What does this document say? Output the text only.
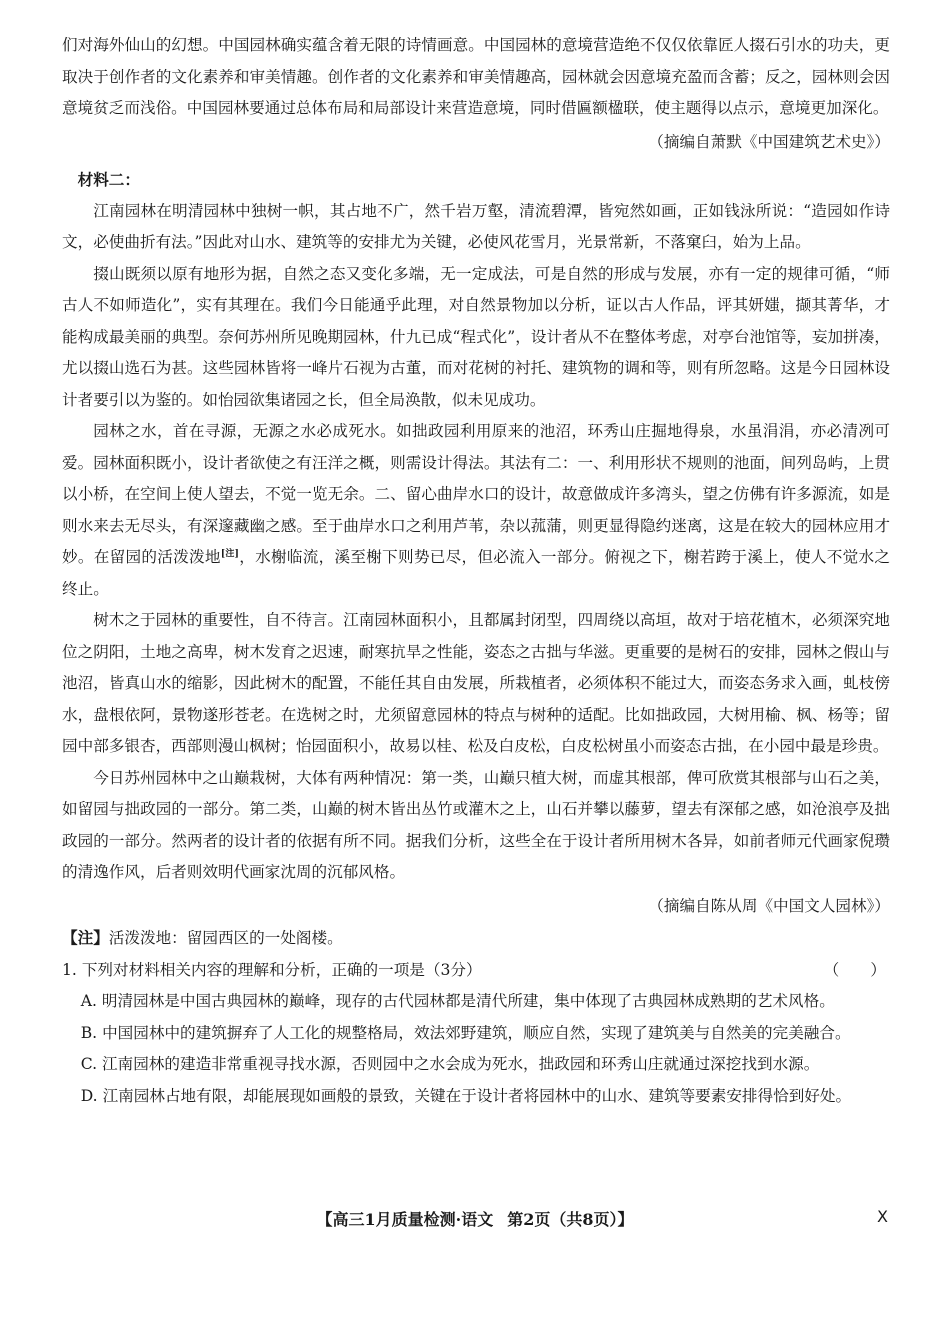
们对海外仙山的幻想。中国园林确实蕴含着无限的诗情画意。中国园林的意境营造绝不仅仅依靠匠人掇石引水的功夫，更取决于创作者的文化素养和审美情趣。创作者的文化素养和审美情趣高，园林就会因意境充盈而含蓄；反之，园林则会因意境贫乏而浅俗。中国园林要通过总体布局和局部设计来营造意境，同时借匾额楹联，使主题得以点示，意境更加深化。

（摘编自萧默《中国建筑艺术史》）
材料二：

江南园林在明清园林中独树一帜，其占地不广，然千岩万壑，清流碧潭，皆宛然如画，正如钱泳所说：“造园如作诗文，必使曲折有法。”因此对山水、建筑等的安排尤为关键，必使风花雪月，光景常新，不落窠臼，始为上品。

掇山既须以原有地形为据，自然之态又变化多端，无一定成法，可是自然的形成与发展，亦有一定的规律可循，“师古人不如师造化”，实有其理在。我们今日能通乎此理，对自然景物加以分析，证以古人作品，评其妍媸，撷其菁华，才能构成最美丽的典型。奈何苏州所见晚期园林，什九已成“程式化”，设计者从不在整体考虑，对亭台池馆等，妄加拼凑，尤以掇山选石为甚。这些园林皆将一峰片石视为古董，而对花树的衬托、建筑物的调和等，则有所忽略。这是今日园林设计者要引以为鉴的。如怡园欲集诸园之长，但全局涣散，似未见成功。

园林之水，首在寻源，无源之水必成死水。如拙政园利用原来的池沼，环秀山庄掘地得泉，水虽涓涓，亦必清冽可爱。园林面积既小，设计者欲使之有汪洋之概，则需设计得法。其法有二：一、利用形状不规则的池面，间列岛屿，上贯以小桥，在空间上使人望去，不觉一览无余。二、留心曲岸水口的设计，故意做成许多湾头，望之仿佛有许多源流，如是则水来去无尽头，有深邃藏幽之感。至于曲岸水口之利用芦苇，杂以菰蒲，则更显得隐约迷离，这是在较大的园林应用才妙。在留园的活泼泼地[注]，水榭临流，溪至榭下则势已尽，但必流入一部分。俯视之下，榭若跨于溪上，使人不觉水之终止。

树木之于园林的重要性，自不待言。江南园林面积小，且都属封闭型，四周绕以高垣，故对于培花植木，必须深究地位之阴阳，土地之高卑，树木发育之迟速，耐寒抗旱之性能，姿态之古拙与华滋。更重要的是树石的安排，园林之假山与池沼，皆真山水的缩影，因此树木的配置，不能任其自由发展，所栽植者，必须体积不能过大，而姿态务求入画，虬枝傍水，盘根依阿，景物遂形苍老。在选树之时，尤须留意园林的特点与树种的适配。比如拙政园，大树用榆、枫、杨等；留园中部多银杏，西部则漫山枫树；怡园面积小，故易以桂、松及白皮松，白皮松树虽小而姿态古拙，在小园中最是珍贵。

今日苏州园林中之山巅栽树，大体有两种情况：第一类，山巅只植大树，而虚其根部，俾可欣赏其根部与山石之美，如留园与拙政园的一部分。第二类，山巅的树木皆出丛竹或灌木之上，山石并攀以藤萝，望去有深郁之感，如沧浪亭及拙政园的一部分。然两者的设计者的依据有所不同。据我们分析，这些全在于设计者所用树木各异，如前者师元代画家倪瓒的清逸作风，后者则效明代画家沈周的沉郁风格。

（摘编自陈从周《中国文人园林》）

【注】活泼泼地：留园西区的一处阁楼。

1. 下列对材料相关内容的理解和分析，正确的一项是（3分）	（　　）
A. 明清园林是中国古典园林的巅峰，现存的古代园林都是清代所建，集中体现了古典园林成熟期的艺术风格。
B. 中国园林中的建筑摒弃了人工化的规整格局，效法郊野建筑，顺应自然，实现了建筑美与自然美的完美融合。
C. 江南园林的建造非常重视寻找水源，否则园中之水会成为死水，拙政园和环秀山庄就通过深挖找到水源。
D. 江南园林占地有限，却能展现如画般的景致，关键在于设计者将园林中的山水、建筑等要素安排得恰到好处。
【高三1月质量检测·语文 第2页（共8页）】	X
